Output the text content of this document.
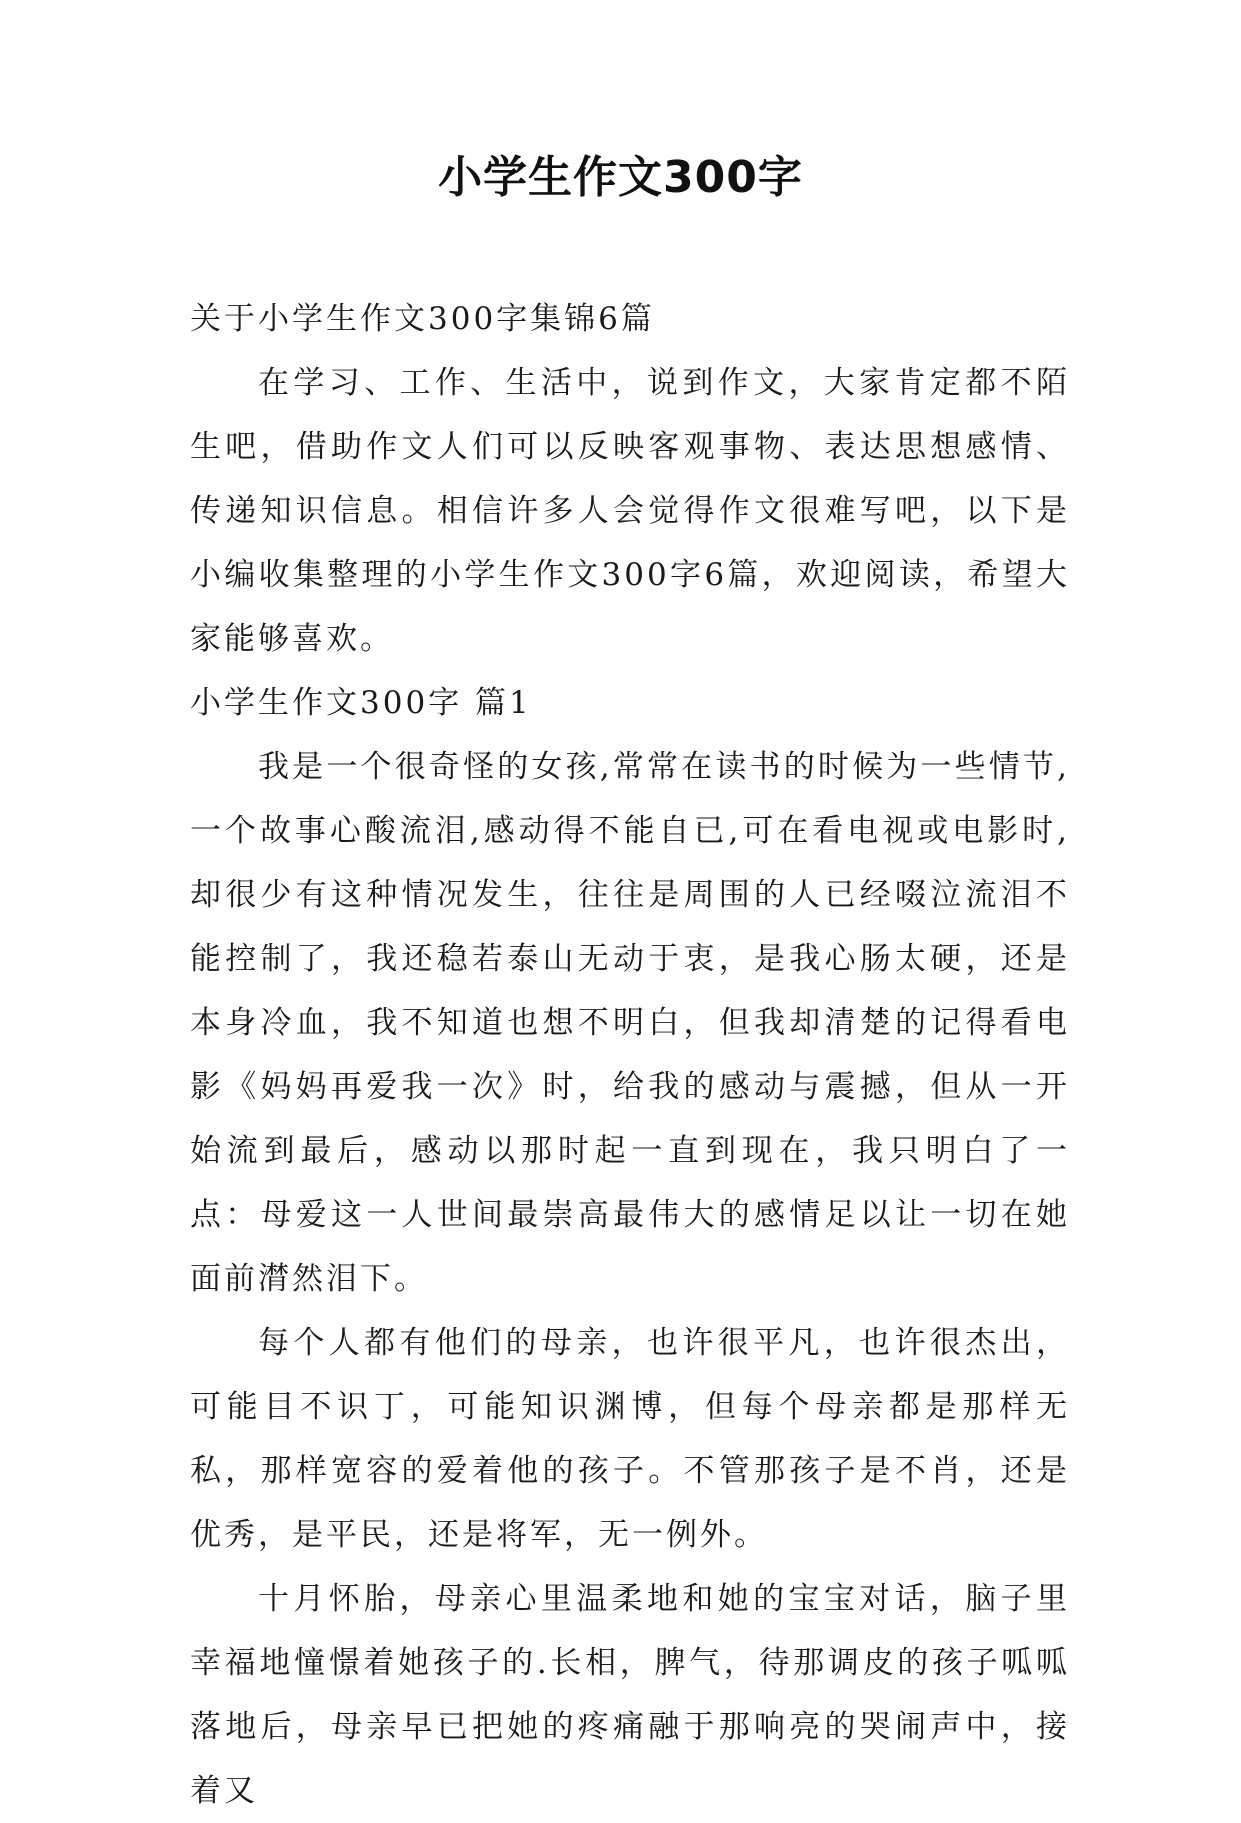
小学生作文300字

关于小学生作文300字集锦6篇

在学习、工作、生活中，说到作文，大家肯定都不陌生吧，借助作文人们可以反映客观事物、表达思想感情、传递知识信息。相信许多人会觉得作文很难写吧，以下是小编收集整理的小学生作文300字6篇，欢迎阅读，希望大家能够喜欢。

小学生作文300字 篇1

我是一个很奇怪的女孩,常常在读书的时候为一些情节,一个故事心酸流泪,感动得不能自已,可在看电视或电影时,却很少有这种情况发生，往往是周围的人已经啜泣流泪不能控制了，我还稳若泰山无动于衷，是我心肠太硬，还是本身冷血，我不知道也想不明白，但我却清楚的记得看电影《妈妈再爱我一次》时，给我的感动与震撼，但从一开始流到最后，感动以那时起一直到现在，我只明白了一点：母爱这一人世间最崇高最伟大的感情足以让一切在她面前潸然泪下。

每个人都有他们的母亲，也许很平凡，也许很杰出，可能目不识丁，可能知识渊博，但每个母亲都是那样无私，那样宽容的爱着他的孩子。不管那孩子是不肖，还是优秀，是平民，还是将军，无一例外。

十月怀胎，母亲心里温柔地和她的宝宝对话，脑子里幸福地憧憬着她孩子的.长相，脾气，待那调皮的孩子呱呱落地后，母亲早已把她的疼痛融于那响亮的哭闹声中，接着又
